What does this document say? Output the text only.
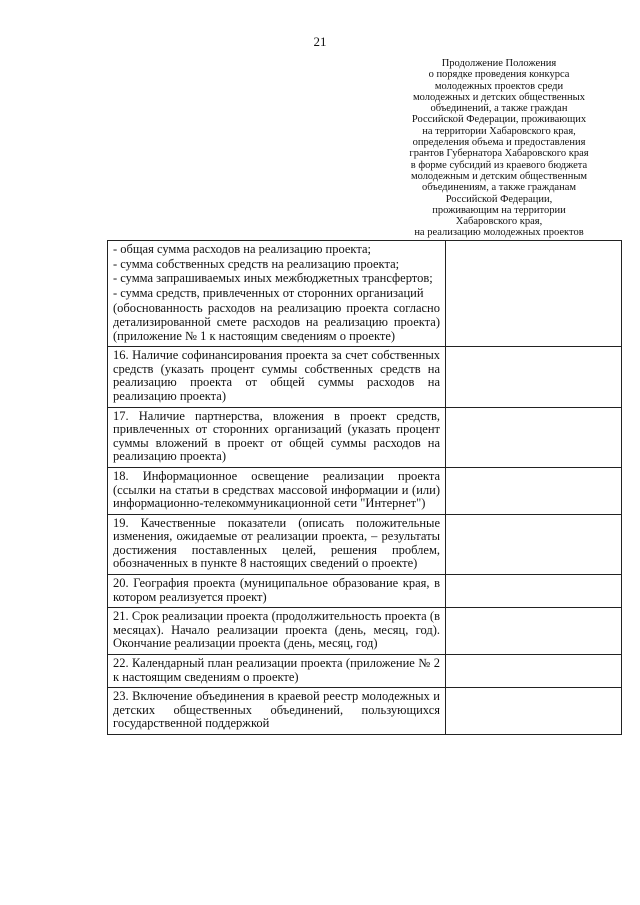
21
Продолжение Положения
о порядке проведения конкурса
молодежных проектов среди
молодежных и детских общественных
объединений, а также граждан
Российской Федерации, проживающих
на территории Хабаровского края,
определения объема и предоставления
грантов Губернатора Хабаровского края
в форме субсидий из краевого бюджета
молодежным и детским общественным
объединениям, а также гражданам
Российской Федерации,
проживающим на территории
Хабаровского края,
на реализацию молодежных проектов
- общая сумма расходов на реализацию проекта;
- сумма собственных средств на реализацию проекта;
- сумма запрашиваемых иных межбюджетных трансфертов;
- сумма средств, привлеченных от сторонних организаций
(обоснованность расходов на реализацию проекта согласно детализированной смете расходов на реализацию проекта) (приложение № 1 к настоящим сведениям о проекте)	

16. Наличие софинансирования проекта за счет собственных средств (указать процент суммы собственных средств на реализацию проекта от общей суммы расходов на реализацию проекта)	
17. Наличие партнерства, вложения в проект средств, привлеченных от сторонних организаций (указать процент суммы вложений в проект от общей суммы расходов на реализацию проекта)	
18. Информационное освещение реализации проекта (ссылки на статьи в средствах массовой информации и (или) информационно-телекоммуникационной сети "Интернет")	
19. Качественные показатели (описать положительные изменения, ожидаемые от реализации проекта, – результаты достижения поставленных целей, решения проблем, обозначенных в пункте 8 настоящих сведений о проекте)	
20. География проекта (муниципальное образование края, в котором реализуется проект)	
21. Срок реализации проекта (продолжительность проекта (в месяцах). Начало реализации проекта (день, месяц, год). Окончание реализации проекта (день, месяц, год)	
22. Календарный план реализации проекта (приложение № 2 к настоящим сведениям о проекте)	
23. Включение объединения в краевой реестр молодежных и детских общественных объединений, пользующихся государственной поддержкой	
